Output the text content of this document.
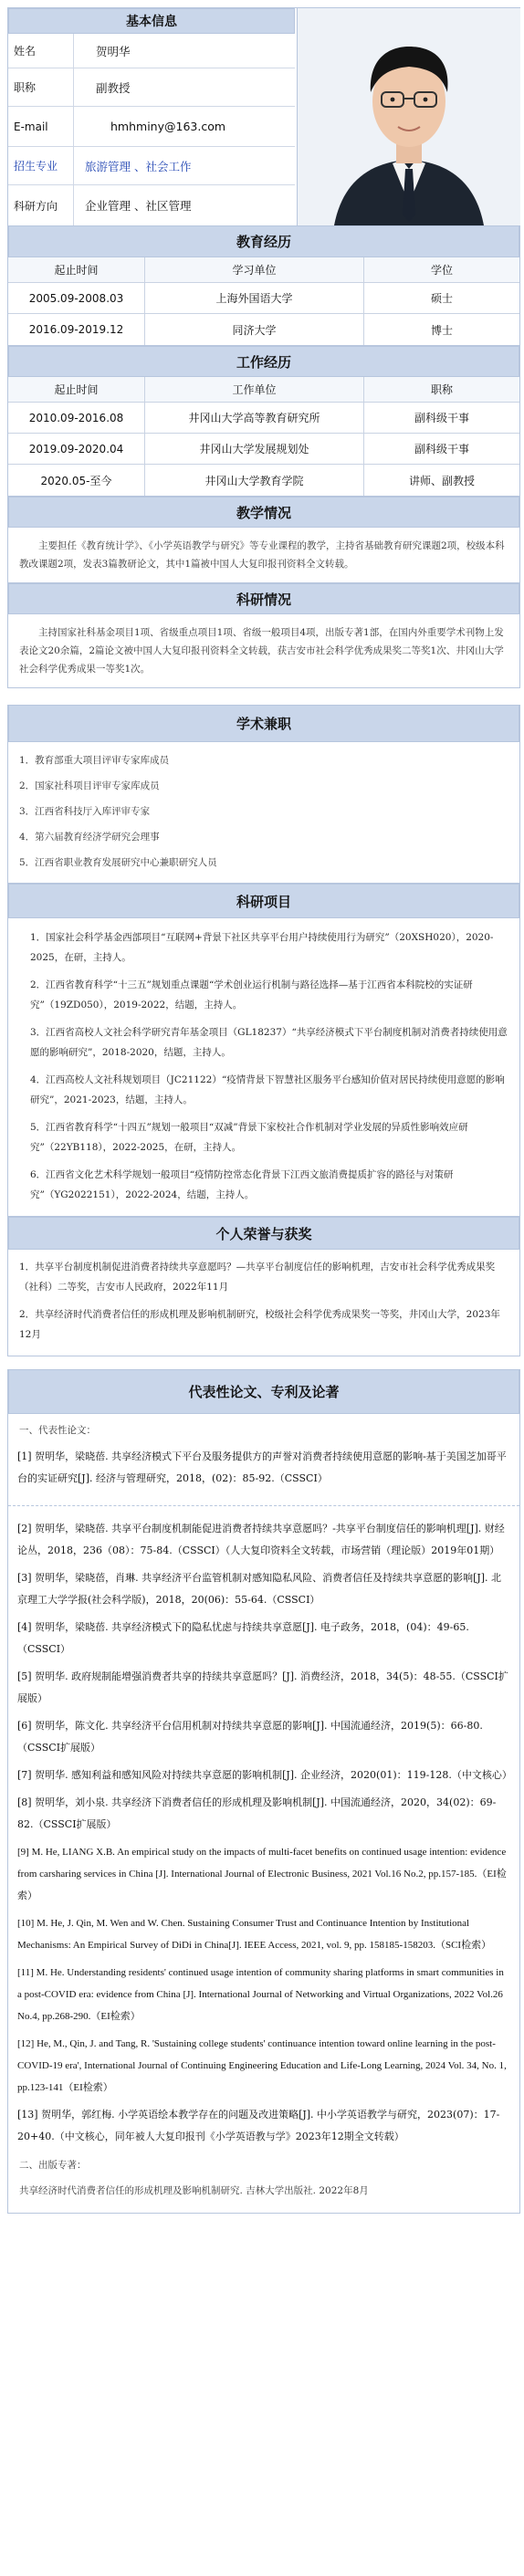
基本信息
姓名	贺明华
职称	副教授
E-mail	hmhminy@163.com
招生专业	旅游管理 、社会工作
科研方向	企业管理 、社区管理
教育经历
起止时间	学习单位	学位
2005.09-2008.03	上海外国语大学	硕士
2016.09-2019.12	同济大学	博士
工作经历
起止时间	工作单位	职称
2010.09-2016.08	井冈山大学高等教育研究所	副科级干事
2019.09-2020.04	井冈山大学发展规划处	副科级干事
2020.05-至今	井冈山大学教育学院	讲师、副教授
教学情况
主要担任《教育统计学》、《小学英语教学与研究》等专业课程的教学，主持省基础教育研究课题2项，校级本科教改课题2项，发表3篇教研论文，其中1篇被中国人大复印报刊资料全文转载。
科研情况
主持国家社科基金项目1项、省级重点项目1项、省级一般项目4项，出版专著1部，在国内外重要学术刊物上发表论文20余篇，2篇论文被中国人大复印报刊资料全文转载，获吉安市社会科学优秀成果奖二等奖1次、井冈山大学社会科学优秀成果一等奖1次。
学术兼职
1．教育部重大项目评审专家库成员
2．国家社科项目评审专家库成员
3．江西省科技厅入库评审专家
4．第六届教育经济学研究会理事
5．江西省职业教育发展研究中心兼职研究人员
科研项目
1．国家社会科学基金西部项目“互联网+背景下社区共享平台用户持续使用行为研究”（20XSH020），2020-2025，在研，主持人。
2．江西省教育科学“十三五”规划重点课题“学术创业运行机制与路径选择—基于江西省本科院校的实证研究”（19ZD050），2019-2022，结题，主持人。
3．江西省高校人文社会科学研究青年基金项目（GL18237）“共享经济模式下平台制度机制对消费者持续使用意愿的影响研究”，2018-2020，结题，主持人。
4．江西高校人文社科规划项目（JC21122）“疫情背景下智慧社区服务平台感知价值对居民持续使用意愿的影响研究”，2021-2023，结题，主持人。
5．江西省教育科学“十四五”规划一般项目“双减”背景下家校社合作机制对学业发展的异质性影响效应研究”（22YB118），2022-2025，在研，主持人。
6．江西省文化艺术科学规划一般项目“疫情防控常态化背景下江西文旅消费提质扩容的路径与对策研究”（YG2022151），2022-2024，结题，主持人。
个人荣誉与获奖
1．共享平台制度机制促进消费者持续共享意愿吗？—共享平台制度信任的影响机理，吉安市社会科学优秀成果奖（社科）二等奖，吉安市人民政府，2022年11月
2．共享经济时代消费者信任的形成机理及影响机制研究，校级社会科学优秀成果奖一等奖，井冈山大学，2023年12月
代表性论文、专利及论著
一、代表性论文：
[1] 贺明华，梁晓蓓. 共享经济模式下平台及服务提供方的声誉对消费者持续使用意愿的影响-基于美国芝加哥平台的实证研究[J]. 经济与管理研究，2018，(02)：85-92.（CSSCI）
[2] 贺明华，梁晓蓓. 共享平台制度机制能促进消费者持续共享意愿吗？-共享平台制度信任的影响机理[J]. 财经论丛，2018，236（08）：75-84.（CSSCI）（人大复印资料全文转载，市场营销（理论版）2019年01期）
[3] 贺明华，梁晓蓓，肖琳. 共享经济平台监管机制对感知隐私风险、消费者信任及持续共享意愿的影响[J]. 北京理工大学学报(社会科学版)，2018，20(06)：55-64.（CSSCI）
[4] 贺明华，梁晓蓓. 共享经济模式下的隐私忧虑与持续共享意愿[J]. 电子政务，2018，(04)：49-65.（CSSCI）
[5] 贺明华. 政府规制能增强消费者共享的持续共享意愿吗？[J]. 消费经济，2018，34(5)：48-55.（CSSCI扩展版）
[6] 贺明华，陈文化. 共享经济平台信用机制对持续共享意愿的影响[J]. 中国流通经济，2019(5)：66-80.（CSSCI扩展版）
[7] 贺明华. 感知利益和感知风险对持续共享意愿的影响机制[J]. 企业经济，2020(01)：119-128.（中文核心）
[8] 贺明华，刘小泉. 共享经济下消费者信任的形成机理及影响机制[J]. 中国流通经济，2020，34(02)：69-82.（CSSCI扩展版）
[9] M. He, LIANG X.B. An empirical study on the impacts of multi-facet benefits on continued usage intention: evidence from carsharing services in China [J]. International Journal of Electronic Business, 2021 Vol.16 No.2, pp.157-185.（EI检索）
[10] M. He, J. Qin, M. Wen and W. Chen. Sustaining Consumer Trust and Continuance Intention by Institutional Mechanisms: An Empirical Survey of DiDi in China[J]. IEEE Access, 2021, vol. 9, pp. 158185-158203.（SCI检索）
[11] M. He. Understanding residents' continued usage intention of community sharing platforms in smart communities in a post-COVID era: evidence from China [J]. International Journal of Networking and Virtual Organizations, 2022 Vol.26 No.4, pp.268-290.（EI检索）
[12] He, M., Qin, J. and Tang, R. 'Sustaining college students' continuance intention toward online learning in the post-COVID-19 era', International Journal of Continuing Engineering Education and Life-Long Learning, 2024 Vol. 34, No. 1, pp.123-141（EI检索）
[13] 贺明华，郭红梅. 小学英语绘本教学存在的问题及改进策略[J]. 中小学英语教学与研究，2023(07)：17-20+40.（中文核心，同年被人大复印报刊《小学英语教与学》2023年12期全文转载）
二、出版专著：
共享经济时代消费者信任的形成机理及影响机制研究. 吉林大学出版社. 2022年8月
